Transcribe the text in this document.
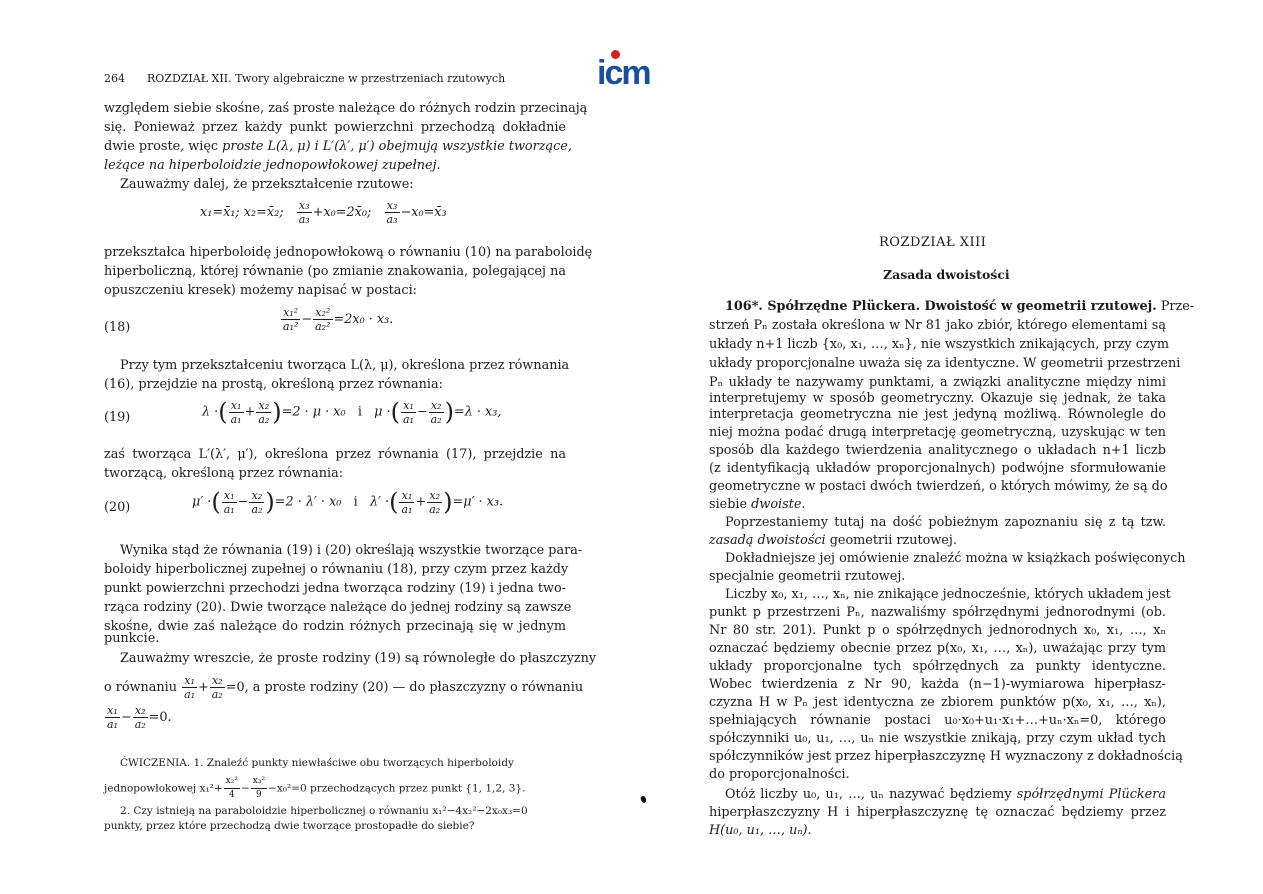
icm
264 ROZDZIAŁ XII. Twory algebraiczne w przestrzeniach rzutowych
względem siebie skośne, zaś proste należące do różnych rodzin przecinają
się. Ponieważ przez każdy punkt powierzchni przechodzą dokładnie
dwie proste, więc proste L(λ, μ) i L′(λ′, μ′) obejmują wszystkie tworzące,
leżące na hiperboloidzie jednopowłokowej zupełnej.
Zauważmy dalej, że przekształcenie rzutowe:
x₁=x̄₁; x₂=x̄₂; $\frac{\text{x₃}}{\text{a₃}}$ +x₀=2x̄₀; $\frac{\text{x₃}}{\text{a₃}}$ −x₀=x̄₃
przekształca hiperboloidę jednopowłokową o równaniu (10) na paraboloidę
hiperboliczną, której równanie (po zmianie znakowania, polegającej na
opuszczeniu kresek) możemy napisać w postaci:
(18)	$\frac{\text{x₁²}}{\text{a₁²}} - \frac{\text{x₂²}}{\text{a₂²}} =2x_0 \cdot x_3$.
Przy tym przekształceniu tworząca L(λ, μ), określona przez równania
(16), przejdzie na prostą, określoną przez równania:
(19)	λ ·( $\frac{\text{x₁}}{\text{a₁}} + \frac{\text{x₂}}{\text{a₂}} )=2 \cdot \mu \cdot x_0$ i μ ·( $\frac{\text{x₁}}{\text{a₁}} - \frac{\text{x₂}}{\text{a₂}} )=\lambda \cdot x_3$,
zaś tworząca L′(λ′, μ′), określona przez równania (17), przejdzie na
tworzącą, określoną przez równania:
(20)	μ′ ·( $\frac{\text{x₁}}{\text{a₁}} - \frac{\text{x₂}}{\text{a₂}} )=2 \cdot \lambda' \cdot x_0$ i λ′ ·( $\frac{\text{x₁}}{\text{a₁}} + \frac{\text{x₂}}{\text{a₂}} )=\mu' \cdot x_3$.
Wynika stąd że równania (19) i (20) określają wszystkie tworzące para-
boloidy hiperbolicznej zupełnej o równaniu (18), przy czym przez każdy
punkt powierzchni przechodzi jedna tworząca rodziny (19) i jedna two-
rząca rodziny (20). Dwie tworzące należące do jednej rodziny są zawsze
skośne, dwie zaś należące do rodzin różnych przecinają się w jednym
punkcie.
Zauważmy wreszcie, że proste rodziny (19) są równoległe do płaszczyzny
o równaniu $\frac{\text{x₁}}{\text{a₁}} + \frac{\text{x₂}}{\text{a₂}} =0$, a proste rodziny (20) — do płaszczyzny o równaniu
$\frac{\text{x₁}}{\text{a₁}} - \frac{\text{x₂}}{\text{a₂}} =0$.
ĆWICZENIA. 1. Znaleźć punkty niewłaściwe obu tworzących hiperboloidy
jednopowłokowej $x_1^2+ \frac{\text{x₂²}}{4} - \frac{\text{x₃²}}{9} -x_0^2=0$ przechodzących przez punkt {1, 1,2, 3}.
2. Czy istnieją na paraboloidzie hiperbolicznej o równaniu x₁²−4x₂²−2x₀x₃=0
punkty, przez które przechodzą dwie tworzące prostopadłe do siebie?
ROZDZIAŁ XIII
Zasada dwoistości
106*. Spółrzędne Plückera. Dwoistość w geometrii rzutowej. Prze-
strzeń Pₙ została określona w Nr 81 jako zbiór, którego elementami są
układy n+1 liczb {x₀, x₁, …, xₙ}, nie wszystkich znikających, przy czym
układy proporcjonalne uważa się za identyczne. W geometrii przestrzeni
Pₙ układy te nazywamy punktami, a związki analityczne między nimi
interpretujemy w sposób geometryczny. Okazuje się jednak, że taka
interpretacja geometryczna nie jest jedyną możliwą. Równolegle do
niej można podać drugą interpretację geometryczną, uzyskując w ten
sposób dla każdego twierdzenia analitycznego o układach n+1 liczb
(z identyfikacją układów proporcjonalnych) podwójne sformułowanie
geometryczne w postaci dwóch twierdzeń, o których mówimy, że są do
siebie dwoiste.
Poprzestaniemy tutaj na dość pobieżnym zapoznaniu się z tą tzw.
zasadą dwoistości geometrii rzutowej.
Dokładniejsze jej omówienie znaleźć można w książkach poświęconych
specjalnie geometrii rzutowej.
Liczby x₀, x₁, …, xₙ, nie znikające jednocześnie, których układem jest
punkt p przestrzeni Pₙ, nazwaliśmy spółrzędnymi jednorodnymi (ob.
Nr 80 str. 201). Punkt p o spółrzędnych jednorodnych x₀, x₁, …, xₙ
oznaczać będziemy obecnie przez p(x₀, x₁, …, xₙ), uważając przy tym
układy proporcjonalne tych spółrzędnych za punkty identyczne.
Wobec twierdzenia z Nr 90, każda (n−1)-wymiarowa hiperpłasz-
czyzna H w Pₙ jest identyczna ze zbiorem punktów p(x₀, x₁, …, xₙ),
spełniających równanie postaci u₀·x₀+u₁·x₁+…+uₙ·xₙ=0, którego
spółczynniki u₀, u₁, …, uₙ nie wszystkie znikają, przy czym układ tych
spółczynników jest przez hiperpłaszczyznę H wyznaczony z dokładnością
do proporcjonalności.
Otóż liczby u₀, u₁, …, uₙ nazywać będziemy spółrzędnymi Plückera
hiperpłaszczyzny H i hiperpłaszczyznę tę oznaczać będziemy przez
H(u₀, u₁, …, uₙ).
